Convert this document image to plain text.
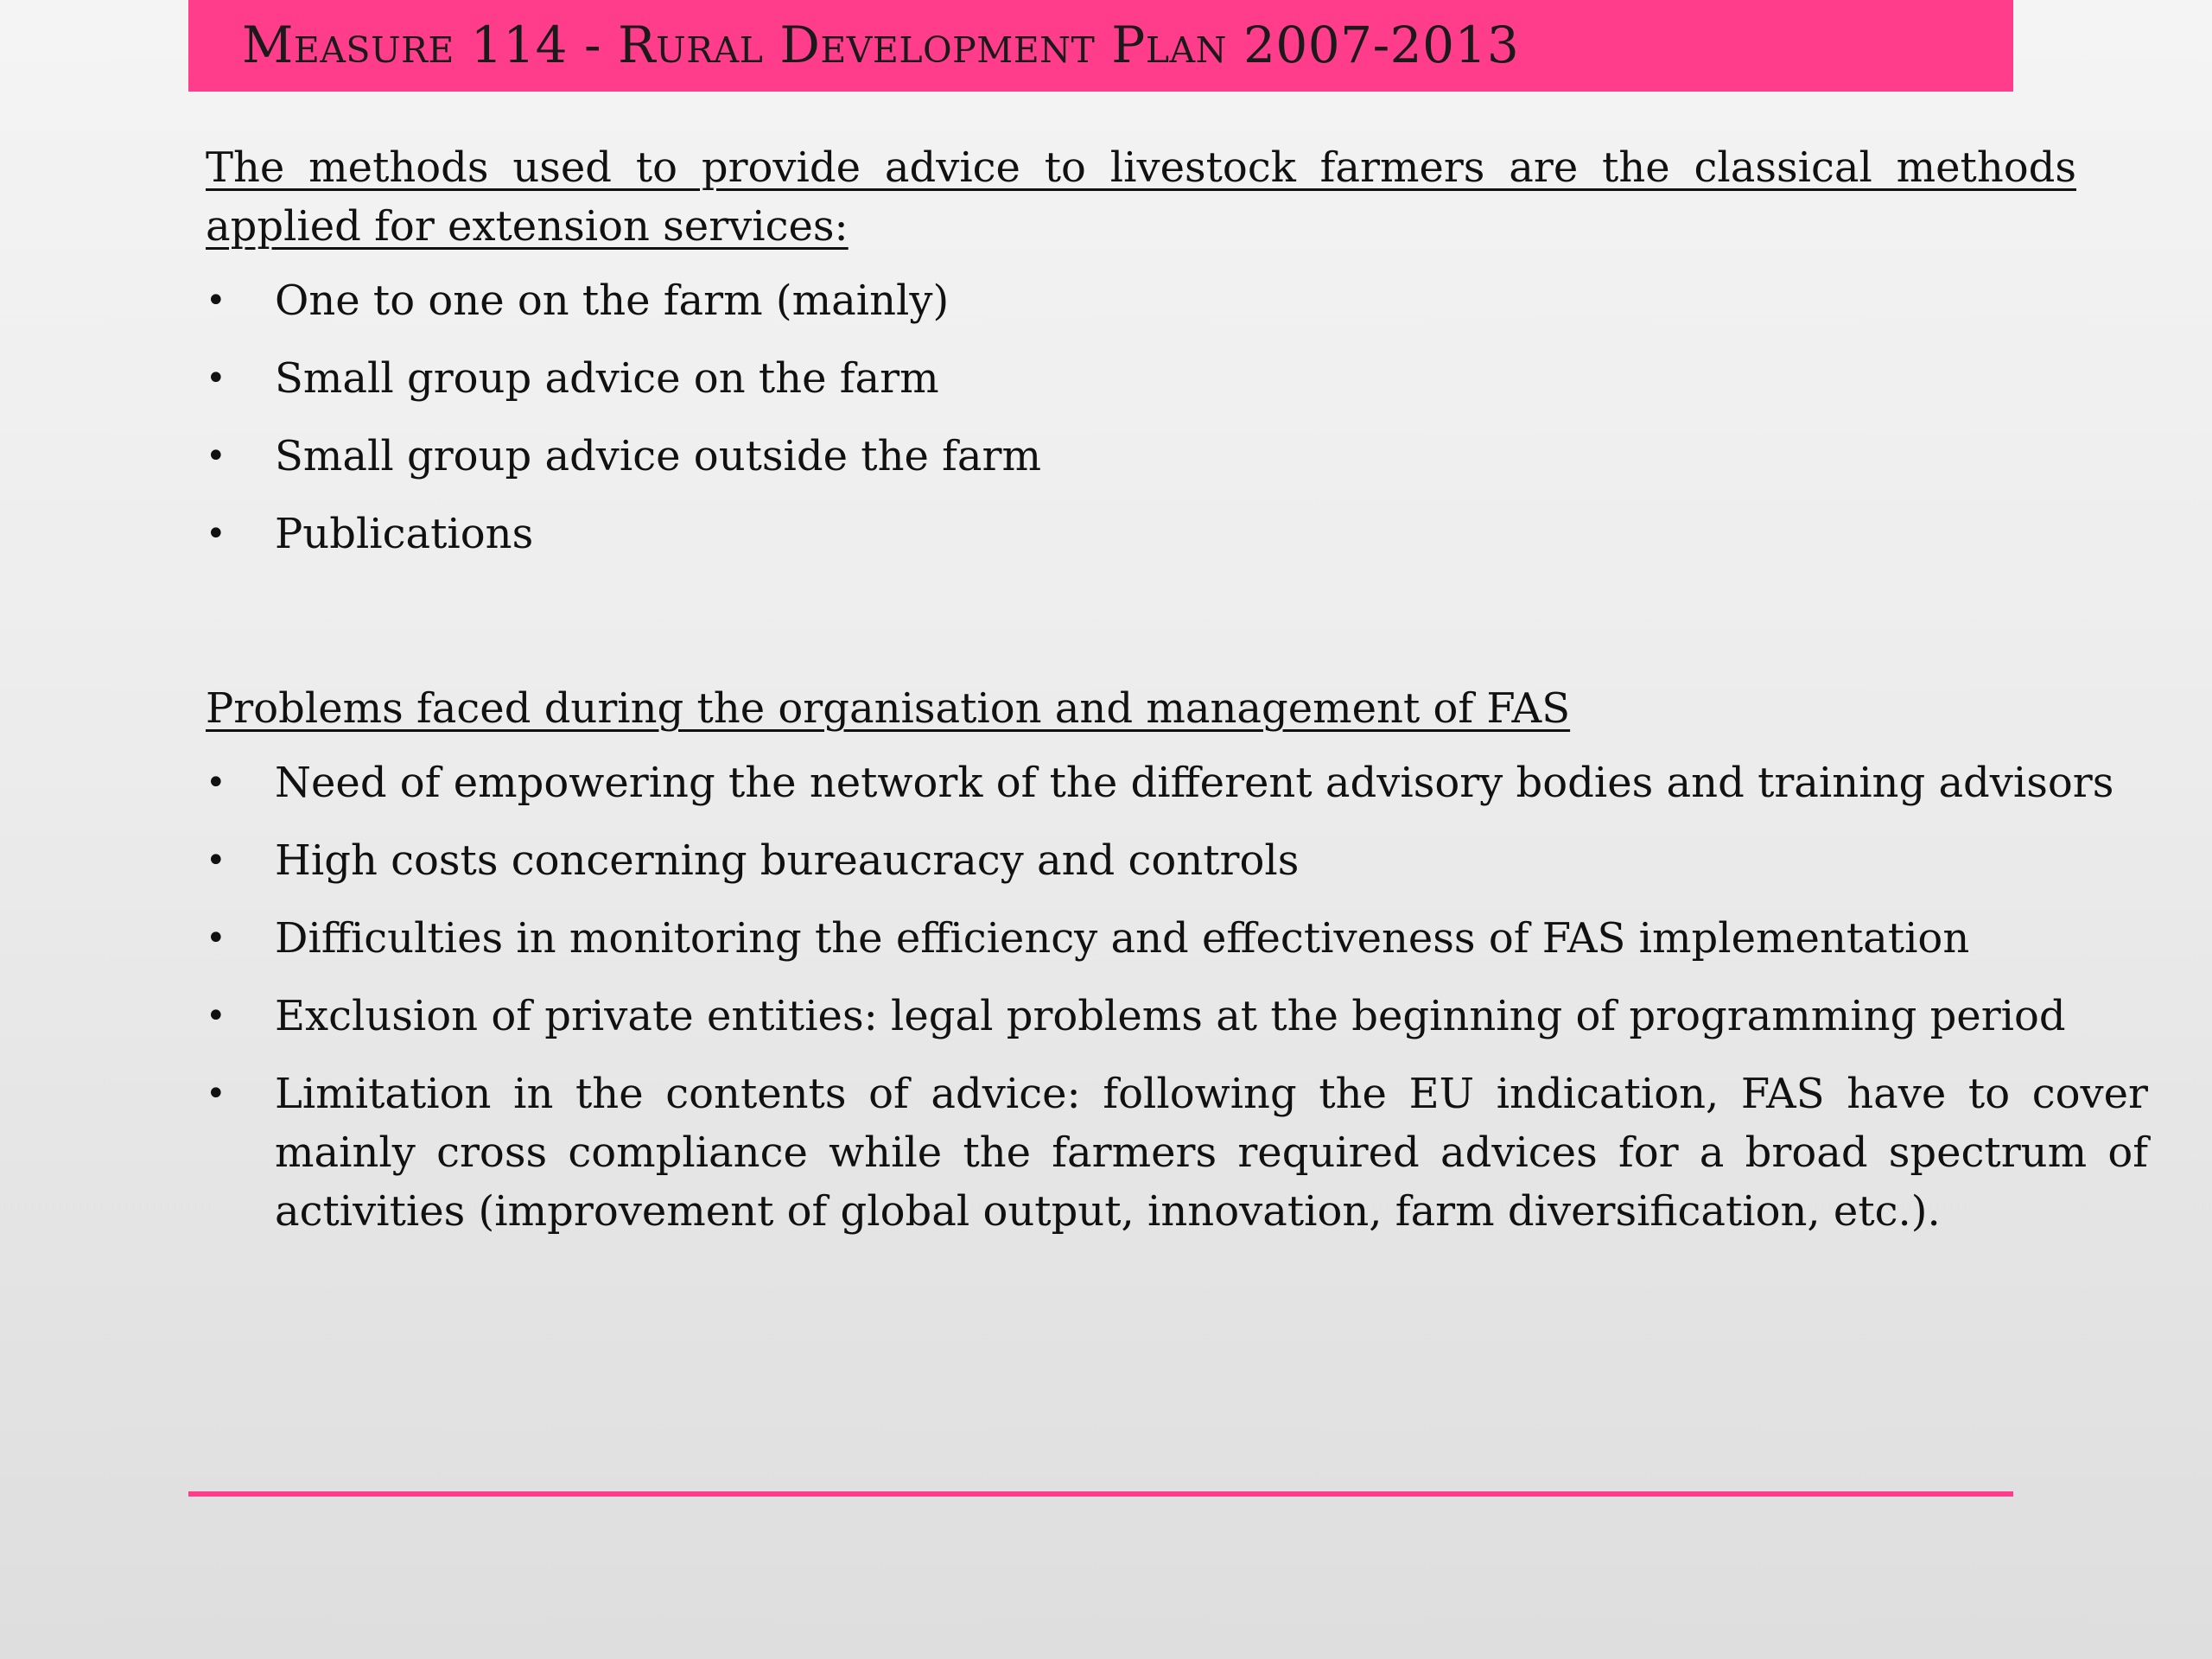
Measure 114 - Rural Development Plan 2007-2013

The methods used to provide advice to livestock farmers are the classical methods applied for extension services:

• One to one on the farm (mainly)
• Small group advice on the farm
• Small group advice outside the farm
• Publications

Problems faced during the organisation and management of FAS

• Need of empowering the network of the different advisory bodies and training advisors
• High costs concerning bureaucracy and controls
• Difficulties in monitoring the efficiency and effectiveness of FAS implementation
• Exclusion of private entities: legal problems at the beginning of programming period
• Limitation in the contents of advice: following the EU indication, FAS have to cover mainly cross compliance while the farmers required advices for a broad spectrum of activities (improvement of global output, innovation, farm diversification, etc.).
